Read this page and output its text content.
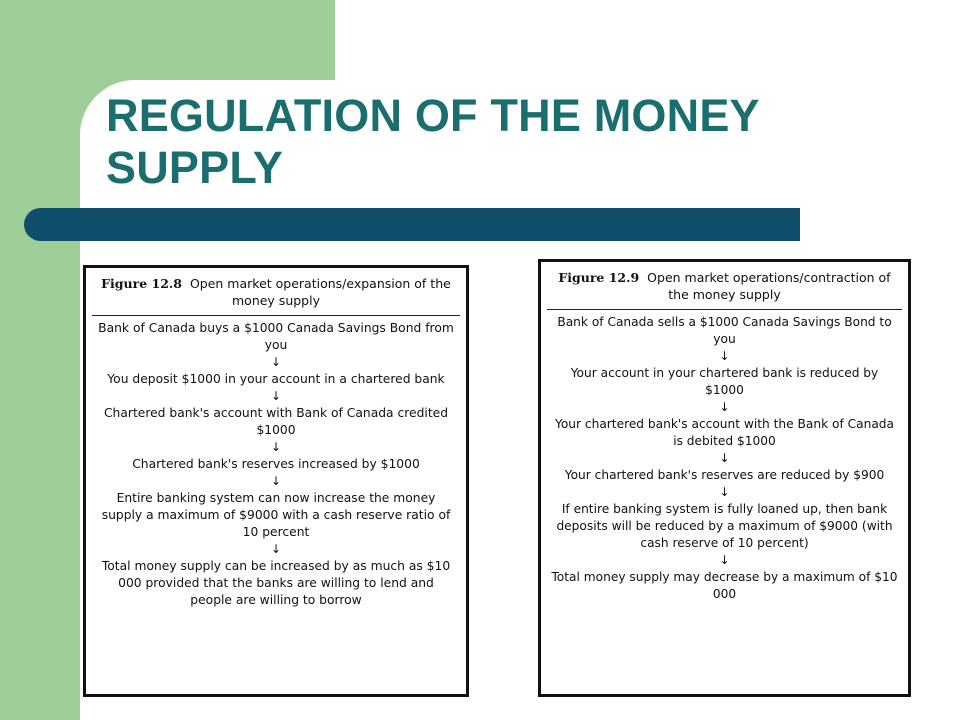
REGULATION OF THE MONEY SUPPLY
Figure 12.8 Open market operations/expansion of the money supply

Bank of Canada buys a $1000 Canada Savings Bond from you

↓

You deposit $1000 in your account in a chartered bank

↓

Chartered bank's account with Bank of Canada credited $1000

↓

Chartered bank's reserves increased by $1000

↓

Entire banking system can now increase the money supply a maximum of $9000 with a cash reserve ratio of 10 percent

↓

Total money supply can be increased by as much as $10 000 provided that the banks are willing to lend and people are willing to borrow

Figure 12.9 Open market operations/contraction of the money supply

Bank of Canada sells a $1000 Canada Savings Bond to you

↓

Your account in your chartered bank is reduced by $1000

↓

Your chartered bank's account with the Bank of Canada is debited $1000

↓

Your chartered bank's reserves are reduced by $900

↓

If entire banking system is fully loaned up, then bank deposits will be reduced by a maximum of $9000 (with cash reserve of 10 percent)

↓

Total money supply may decrease by a maximum of $10 000
